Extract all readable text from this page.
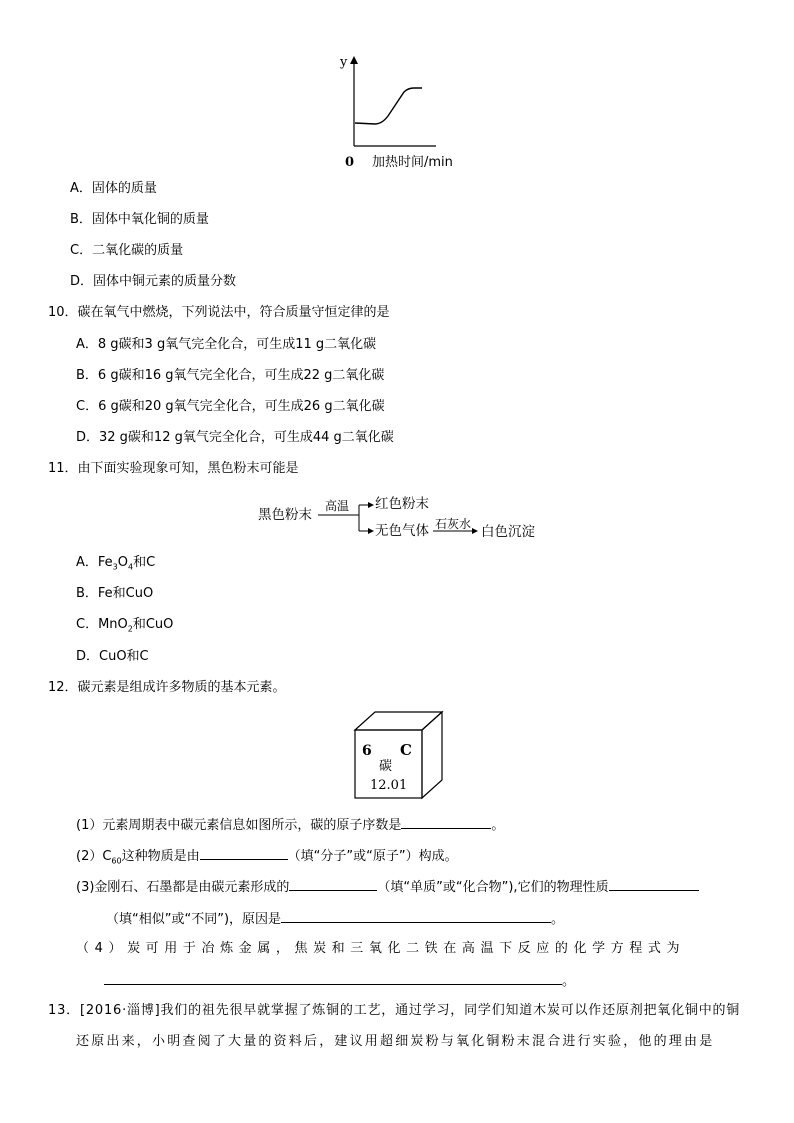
y
0 加热时间/min
A．固体的质量
B．固体中氧化铜的质量
C．二氧化碳的质量
D．固体中铜元素的质量分数
10．碳在氧气中燃烧，下列说法中，符合质量守恒定律的是
A．8 g碳和3 g氧气完全化合，可生成11 g二氧化碳
B．6 g碳和16 g氧气完全化合，可生成22 g二氧化碳
C．6 g碳和20 g氧气完全化合，可生成26 g二氧化碳
D．32 g碳和12 g氧气完全化合，可生成44 g二氧化碳
11．由下面实验现象可知，黑色粉末可能是
黑色粉末
高温 红色粉末
无色气体 石灰水 白色沉淀
A．$Fe_3O_4$和C
B．Fe和CuO
C．MnO$_2$和CuO
D．CuO和C
12．碳元素是组成许多物质的基本元素。
6 C
碳
12.01
(1）元素周期表中碳元素信息如图所示，碳的原子序数是	。
$(2)C_{60}$这种物质是由	（填“分子”或“原子”）构成。
(3)金刚石、石墨都是由碳元素形成的	（填“单质”或“化合物”),它们的物理性质
（填“相似”或“不同”)，原因是	。
（4）炭可用于冶炼金属，焦炭和三氧化二铁在高温下反应的化学方程式为
。
13．[2016·淄博]我们的祖先很早就掌握了炼铜的工艺，通过学习，同学们知道木炭可以作还原剂把氧化铜中的铜
还原出来，小明查阅了大量的资料后，建议用超细炭粉与氧化铜粉末混合进行实验，他的理由是
